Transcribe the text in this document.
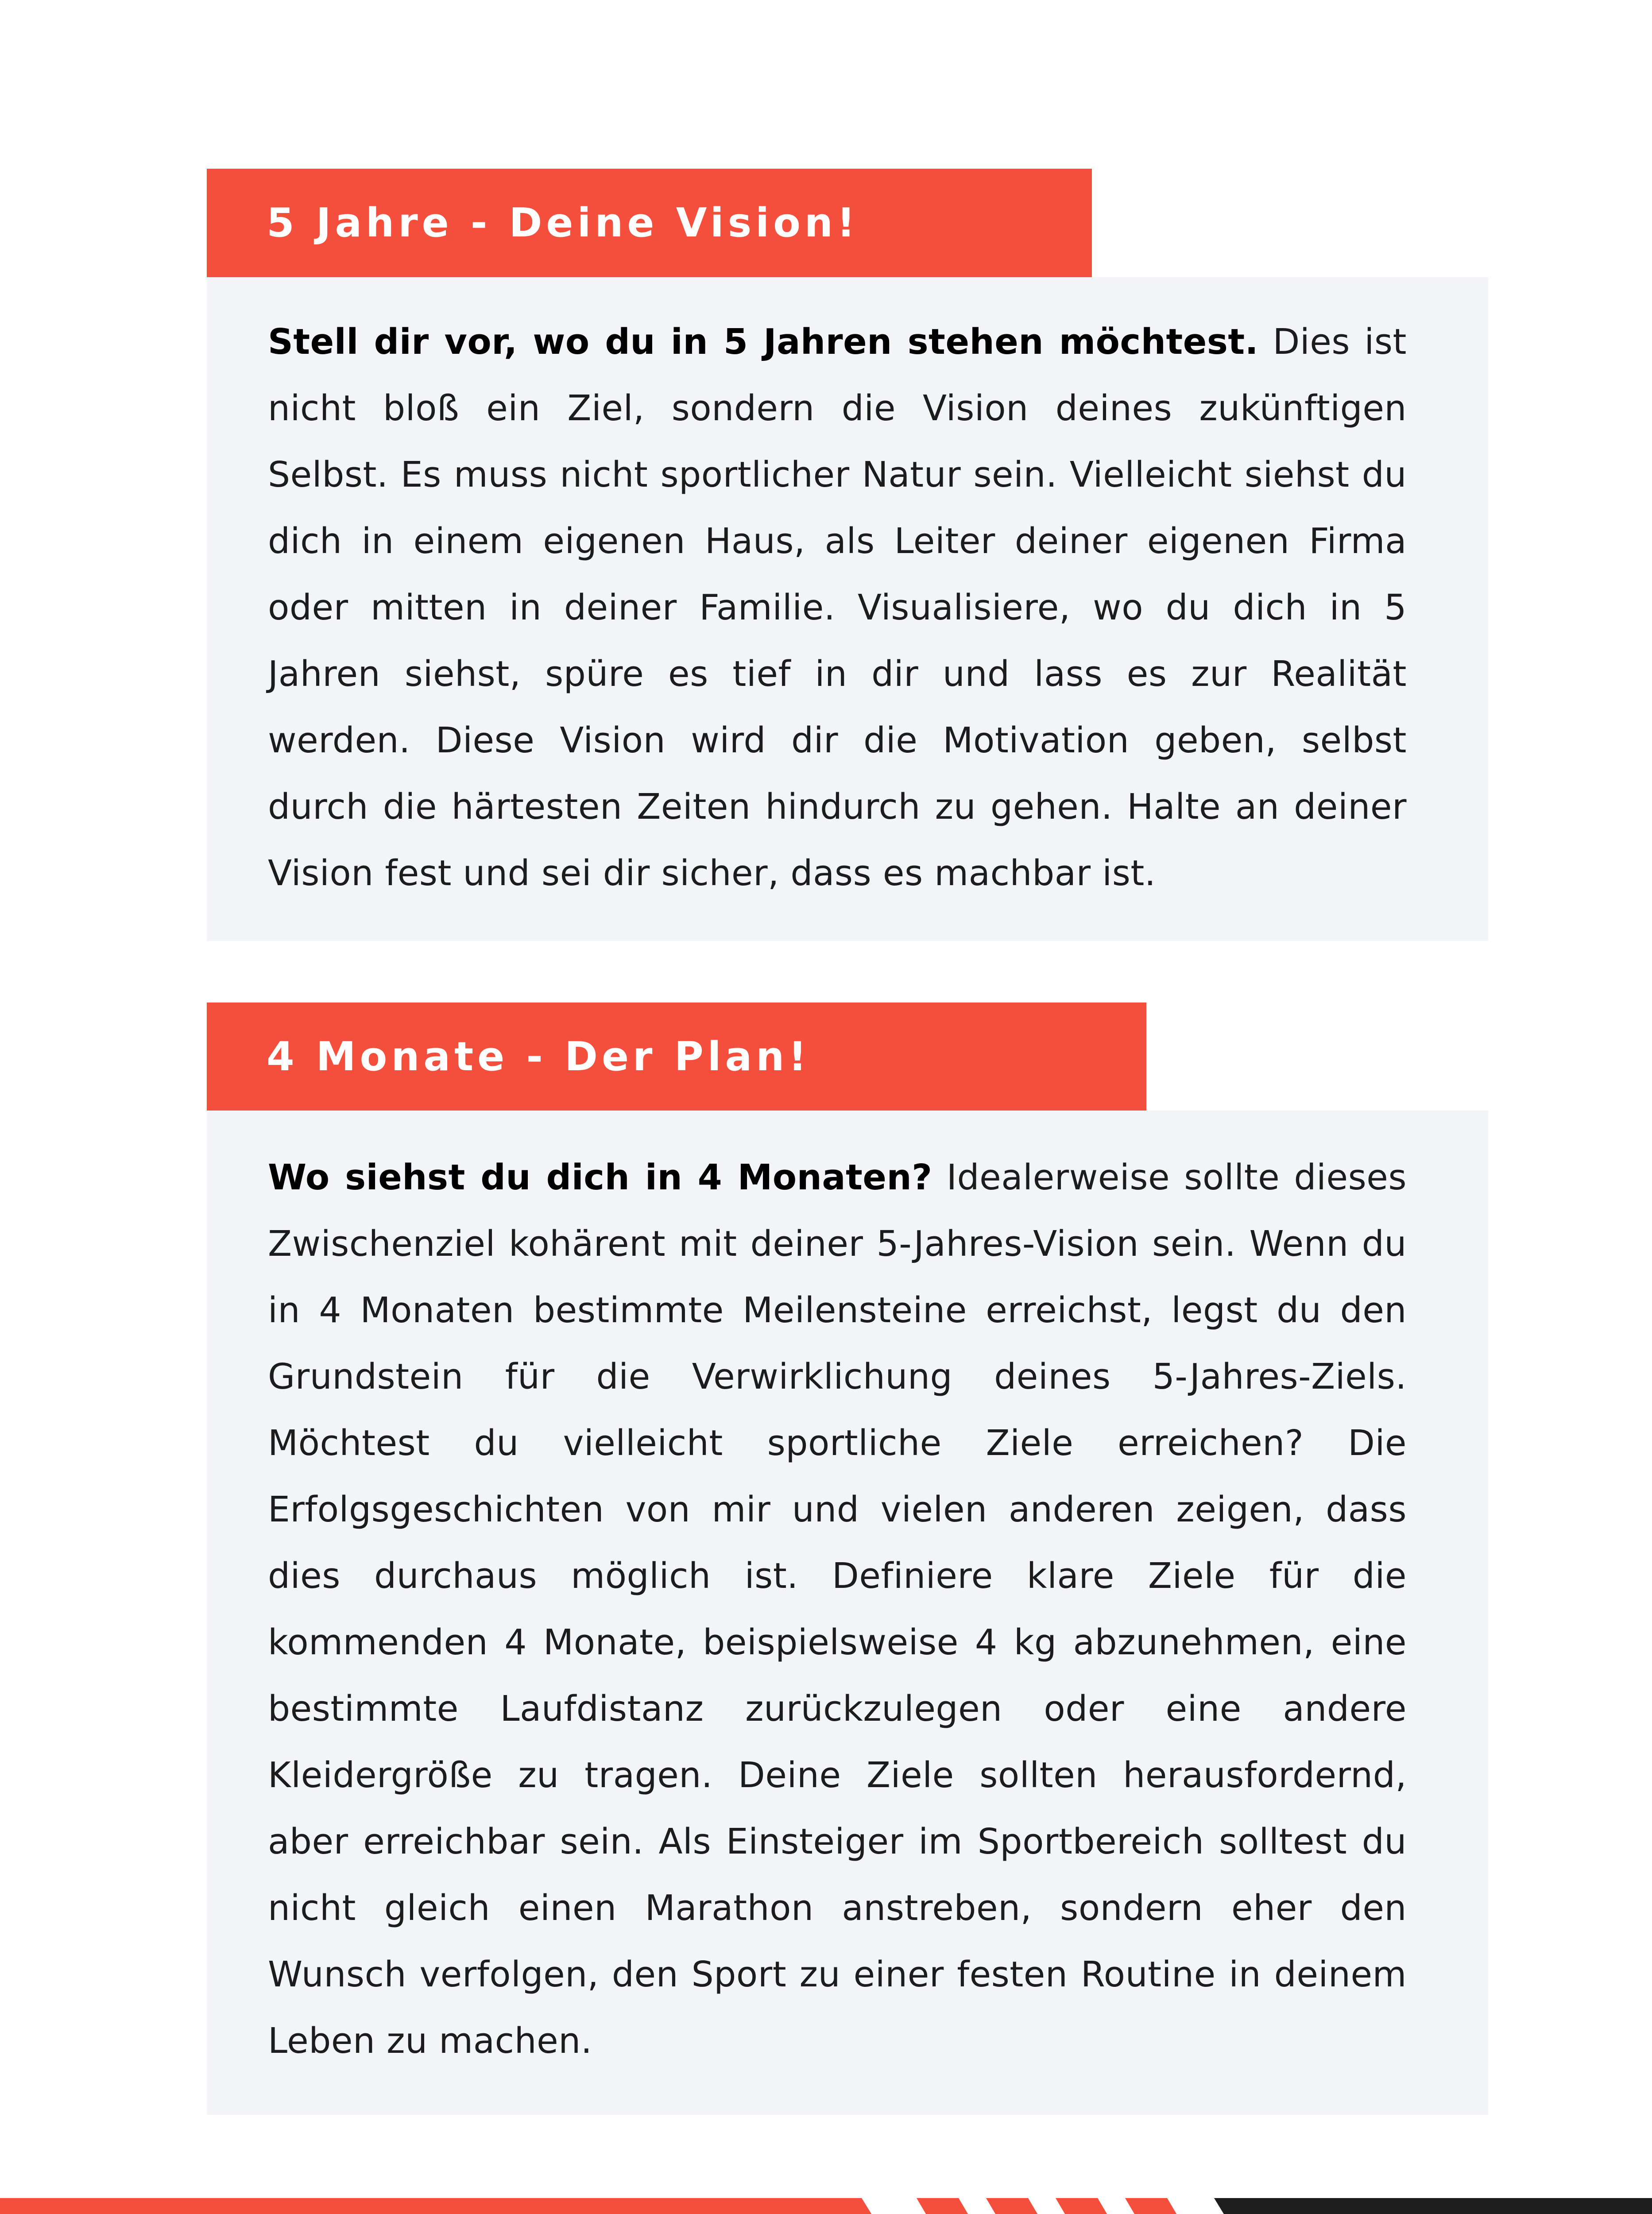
5 Jahre - Deine Vision!

Stell dir vor, wo du in 5 Jahren stehen möchtest. Dies ist nicht bloß ein Ziel, sondern die Vision deines zukünftigen Selbst. Es muss nicht sportlicher Natur sein. Vielleicht siehst du dich in einem eigenen Haus, als Leiter deiner eigenen Firma oder mitten in deiner Familie. Visualisiere, wo du dich in 5 Jahren siehst, spüre es tief in dir und lass es zur Realität werden. Diese Vision wird dir die Motivation geben, selbst durch die härtesten Zeiten hindurch zu gehen. Halte an deiner Vision fest und sei dir sicher, dass es machbar ist.

4 Monate - Der Plan!

Wo siehst du dich in 4 Monaten? Idealerweise sollte dieses Zwischenziel kohärent mit deiner 5-Jahres-Vision sein. Wenn du in 4 Monaten bestimmte Meilensteine erreichst, legst du den Grundstein für die Verwirklichung deines 5-Jahres-Ziels. Möchtest du vielleicht sportliche Ziele erreichen? Die Erfolgsgeschichten von mir und vielen anderen zeigen, dass dies durchaus möglich ist. Definiere klare Ziele für die kommenden 4 Monate, beispielsweise 4 kg abzunehmen, eine bestimmte Laufdistanz zurückzulegen oder eine andere Kleidergröße zu tragen. Deine Ziele sollten herausfordernd, aber erreichbar sein. Als Einsteiger im Sportbereich solltest du nicht gleich einen Marathon anstreben, sondern eher den Wunsch verfolgen, den Sport zu einer festen Routine in deinem Leben zu machen.
